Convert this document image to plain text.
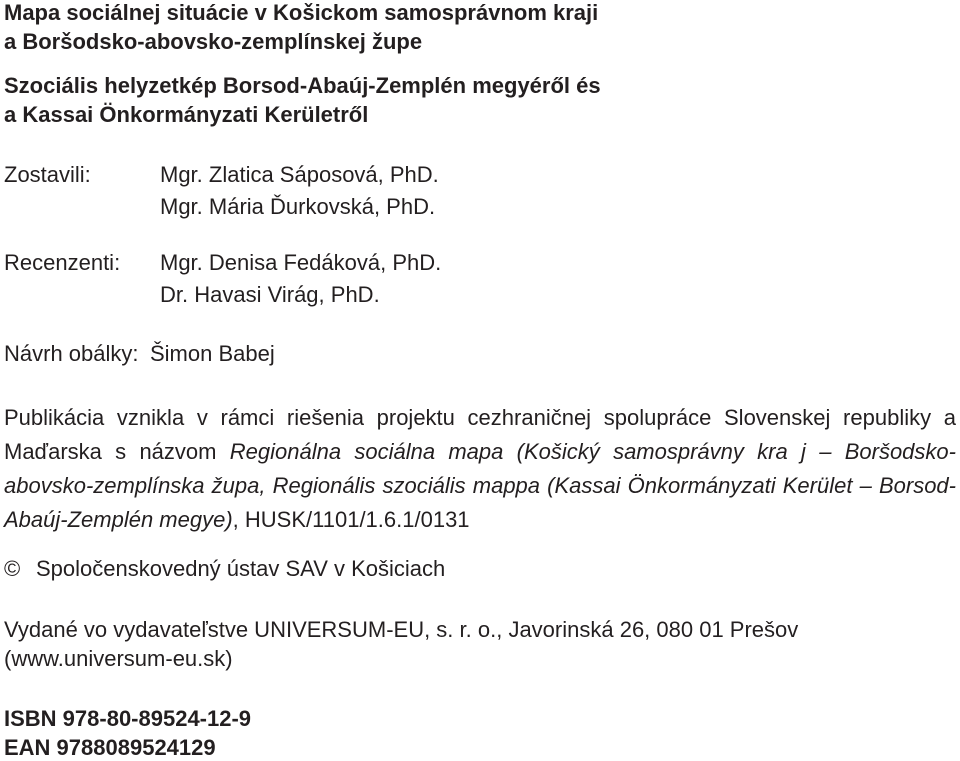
Mapa sociálnej situácie v Košickom samosprávnom kraji
a Boršodsko-abovsko-zemplínskej župe
Szociális helyzetkép Borsod-Abaúj-Zemplén megyéről és
a Kassai Önkormányzati Kerületről
Zostavili:	Mgr. Zlatica Sáposová, PhD.
Mgr. Mária Ďurkovská, PhD.
Recenzenti: Mgr. Denisa Fedáková, PhD.
Dr. Havasi Virág, PhD.
Návrh obálky: Šimon Babej
Publikácia vznikla v rámci riešenia projektu cezhraničnej spolupráce Slovenskej republiky a Maďarska s názvom Regionálna sociálna mapa (Košický samosprávny kra j – Boršodsko-abovsko-zemplínska župa, Regionális szociális mappa (Kassai Önkormányzati Kerület – Borsod-Abaúj-Zemplén megye), HUSK/1101/1.6.1/0131
© Spoločenskovedný ústav SAV v Košiciach
Vydané vo vydavateľstve UNIVERSUM-EU, s. r. o., Javorinská 26, 080 01 Prešov
(www.universum-eu.sk)
ISBN 978-80-89524-12-9
EAN 9788089524129
